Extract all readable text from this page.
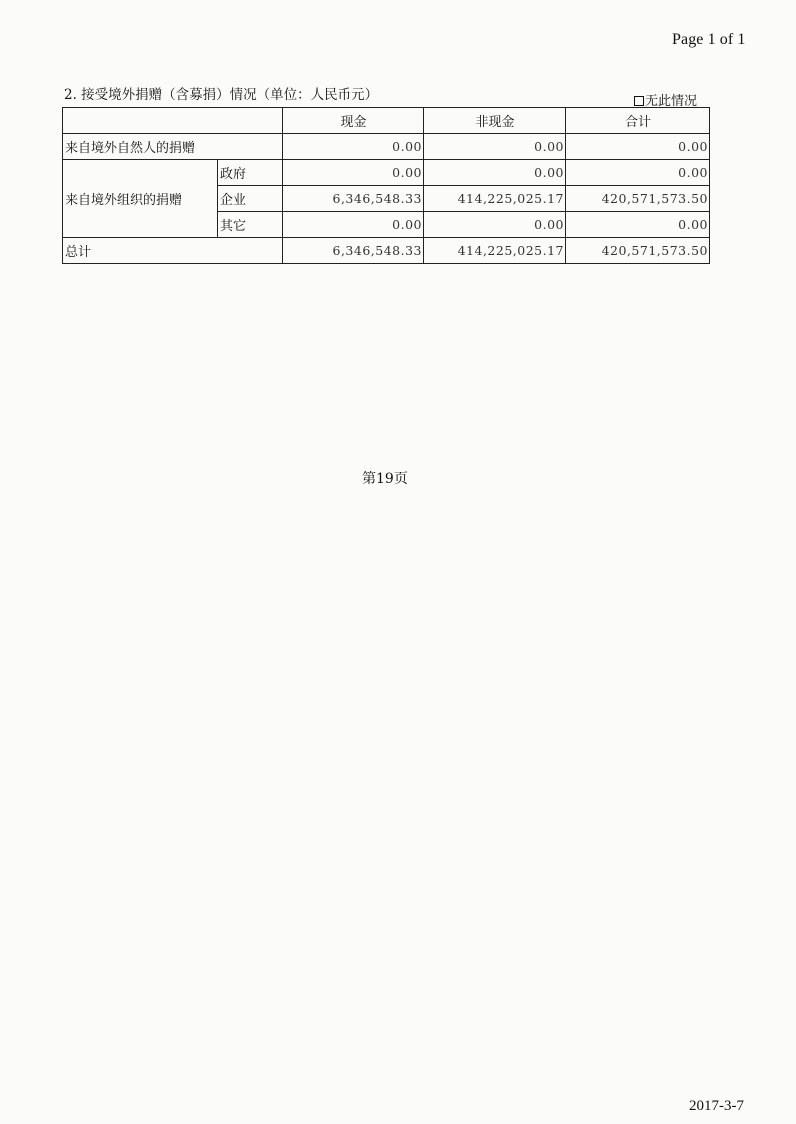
Page 1 of 1
2. 接受境外捐赠（含募捐）情况（单位：人民币元）	无此情况
		现金	非现金	合计
来自境外自然人的捐赠		0.00	0.00	0.00
来自境外组织的捐赠	政府	0.00	0.00	0.00
	企业	6,346,548.33	414,225,025.17	420,571,573.50
	其它	0.00	0.00	0.00
总计		6,346,548.33	414,225,025.17	420,571,573.50
第19页
2017-3-7
